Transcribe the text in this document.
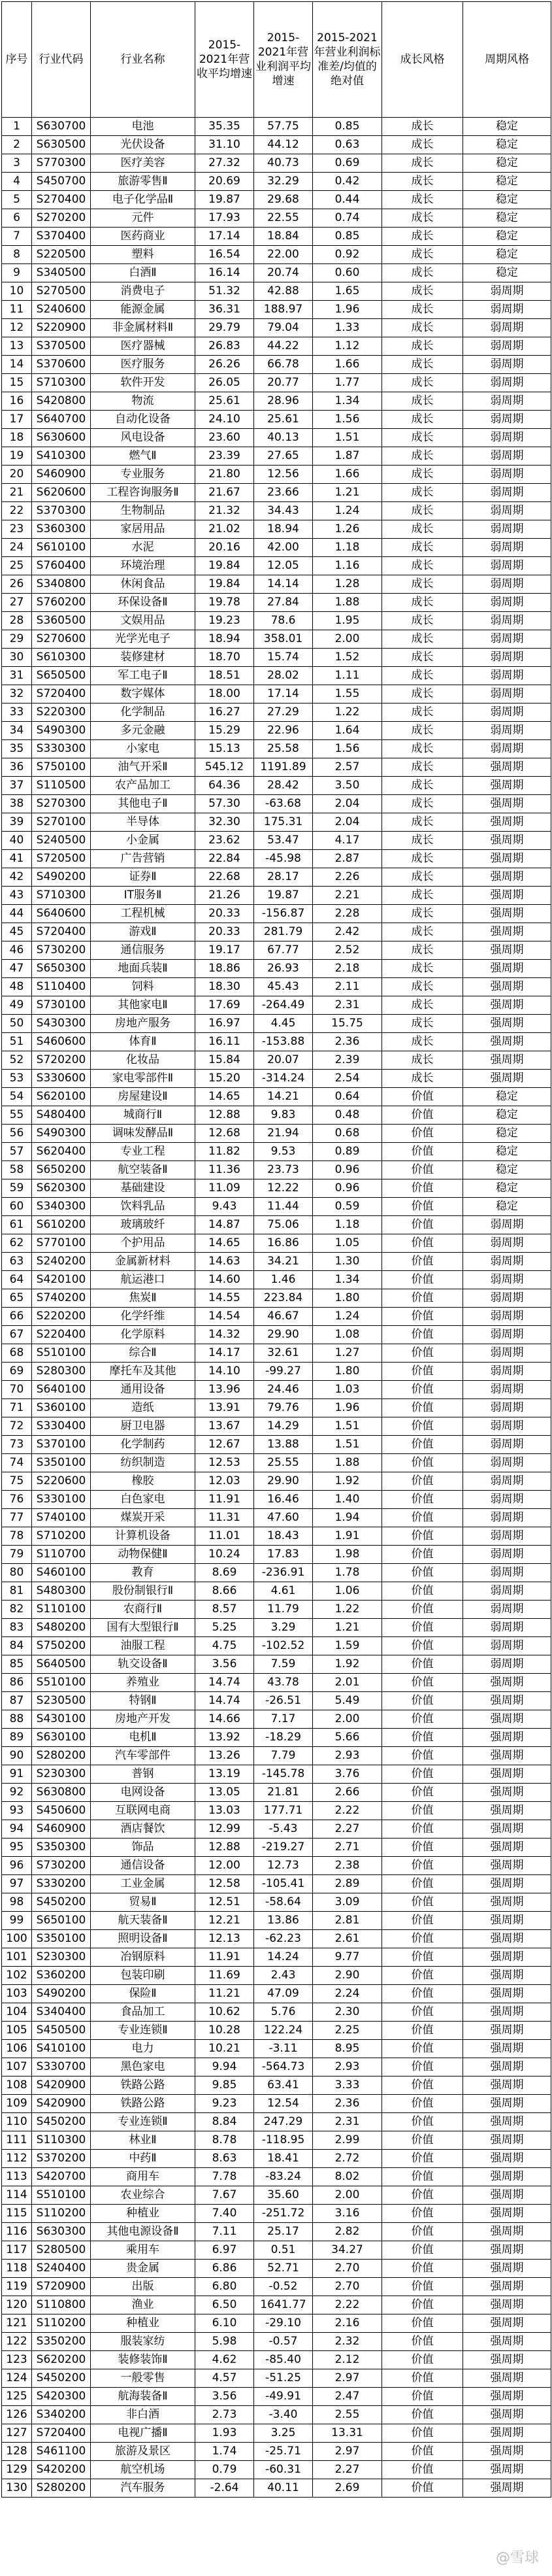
序号	行业代码	行业名称	2015-2021年营收平均增速	2015-2021年营业利润平均增速	2015-2021年营业利润标准差/均值的绝对值	成长风格	周期风格
1	S630700	电池	35.35	57.75	0.85	成长	稳定
2	S630500	光伏设备	31.10	44.12	0.63	成长	稳定
3	S770300	医疗美容	27.32	40.73	0.69	成长	稳定
4	S450700	旅游零售Ⅱ	20.69	32.29	0.42	成长	稳定
5	S270400	电子化学品Ⅱ	19.87	29.68	0.44	成长	稳定
6	S270200	元件	17.93	22.55	0.74	成长	稳定
7	S370400	医药商业	17.14	18.84	0.85	成长	稳定
8	S220500	塑料	16.54	22.00	0.92	成长	稳定
9	S340500	白酒Ⅱ	16.14	20.74	0.60	成长	稳定
10	S270500	消费电子	51.32	42.88	1.65	成长	弱周期
11	S240600	能源金属	36.31	188.97	1.96	成长	弱周期
12	S220900	非金属材料Ⅱ	29.79	79.04	1.33	成长	弱周期
13	S370500	医疗器械	26.83	44.22	1.12	成长	弱周期
14	S370600	医疗服务	26.26	66.78	1.66	成长	弱周期
15	S710300	软件开发	26.05	20.77	1.77	成长	弱周期
16	S420800	物流	25.61	28.96	1.34	成长	弱周期
17	S640700	自动化设备	24.10	25.61	1.56	成长	弱周期
18	S630600	风电设备	23.60	40.13	1.51	成长	弱周期
19	S410300	燃气Ⅱ	23.39	27.65	1.87	成长	弱周期
20	S460900	专业服务	21.80	12.56	1.66	成长	弱周期
21	S620600	工程咨询服务Ⅱ	21.67	23.66	1.21	成长	弱周期
22	S370300	生物制品	21.32	34.43	1.24	成长	弱周期
23	S360300	家居用品	21.02	18.94	1.26	成长	弱周期
24	S610100	水泥	20.16	42.00	1.18	成长	弱周期
25	S760400	环境治理	19.84	12.05	1.16	成长	弱周期
26	S340800	休闲食品	19.84	14.14	1.28	成长	弱周期
27	S760200	环保设备Ⅱ	19.78	27.84	1.88	成长	弱周期
28	S360500	文娱用品	19.23	78.6	1.95	成长	弱周期
29	S270600	光学光电子	18.94	358.01	2.00	成长	弱周期
30	S610300	装修建材	18.70	15.74	1.52	成长	弱周期
31	S650500	军工电子Ⅱ	18.51	28.02	1.11	成长	弱周期
32	S720400	数字媒体	18.00	17.14	1.55	成长	弱周期
33	S220300	化学制品	16.27	27.29	1.22	成长	弱周期
34	S490300	多元金融	15.29	22.96	1.64	成长	弱周期
35	S330300	小家电	15.13	25.58	1.56	成长	弱周期
36	S750100	油气开采Ⅱ	545.12	1191.89	2.57	成长	强周期
37	S110500	农产品加工	64.36	28.42	3.50	成长	强周期
38	S270300	其他电子Ⅱ	57.30	-63.68	2.04	成长	强周期
39	S270100	半导体	32.30	175.31	2.04	成长	强周期
40	S240500	小金属	23.62	53.47	4.17	成长	强周期
41	S720500	广告营销	22.84	-45.98	2.87	成长	强周期
42	S490200	证券Ⅱ	22.68	28.17	2.26	成长	强周期
43	S710300	IT服务Ⅱ	21.26	19.87	2.21	成长	强周期
44	S640600	工程机械	20.33	-156.87	2.28	成长	强周期
45	S720400	游戏Ⅱ	20.33	281.79	2.42	成长	强周期
46	S730200	通信服务	19.17	67.77	2.52	成长	强周期
47	S650300	地面兵装Ⅱ	18.86	26.93	2.18	成长	强周期
48	S110400	饲料	18.30	45.43	2.11	成长	强周期
49	S730100	其他家电Ⅱ	17.69	-264.49	2.31	成长	强周期
50	S430300	房地产服务	16.97	4.45	15.75	成长	强周期
51	S460600	体育Ⅱ	16.11	-153.88	2.36	成长	强周期
52	S720200	化妆品	15.84	20.07	2.39	成长	强周期
53	S330600	家电零部件Ⅱ	15.20	-314.24	2.54	成长	强周期
54	S620100	房屋建设Ⅱ	14.65	14.21	0.64	价值	稳定
55	S480400	城商行Ⅱ	12.88	9.83	0.48	价值	稳定
56	S490300	调味发酵品Ⅱ	12.68	21.94	0.68	价值	稳定
57	S620400	专业工程	11.82	9.53	0.89	价值	稳定
58	S650200	航空装备Ⅱ	11.36	23.73	0.96	价值	稳定
59	S620300	基础建设	11.09	12.22	0.96	价值	稳定
60	S340300	饮料乳品	9.43	11.44	0.59	价值	稳定
61	S610200	玻璃玻纤	14.87	75.06	1.18	价值	弱周期
62	S770100	个护用品	14.65	16.86	1.05	价值	弱周期
63	S240200	金属新材料	14.63	34.21	1.30	价值	弱周期
64	S420100	航运港口	14.60	1.46	1.34	价值	弱周期
65	S740200	焦炭Ⅱ	14.55	223.84	1.80	价值	弱周期
66	S220200	化学纤维	14.54	46.67	1.24	价值	弱周期
67	S220400	化学原料	14.32	29.90	1.08	价值	弱周期
68	S510100	综合Ⅱ	14.17	32.61	1.27	价值	弱周期
69	S280300	摩托车及其他	14.10	-99.27	1.80	价值	弱周期
70	S640100	通用设备	13.96	24.46	1.03	价值	弱周期
71	S360100	造纸	13.91	79.76	1.96	价值	弱周期
72	S330400	厨卫电器	13.67	14.29	1.51	价值	弱周期
73	S370100	化学制药	12.67	13.88	1.51	价值	弱周期
74	S350100	纺织制造	12.53	25.55	1.88	价值	弱周期
75	S220600	橡胶	12.03	29.90	1.92	价值	弱周期
76	S330100	白色家电	11.91	16.46	1.40	价值	弱周期
77	S740100	煤炭开采	11.31	47.60	1.94	价值	弱周期
78	S710200	计算机设备	11.01	18.43	1.91	价值	弱周期
79	S110700	动物保健Ⅱ	10.24	17.83	1.98	价值	弱周期
80	S460100	教育	8.69	-236.91	1.78	价值	弱周期
81	S480300	股份制银行Ⅱ	8.66	4.61	1.06	价值	弱周期
82	S110100	农商行Ⅱ	8.57	11.79	1.22	价值	弱周期
83	S480200	国有大型银行Ⅱ	5.25	3.29	1.21	价值	弱周期
84	S750200	油服工程	4.75	-102.52	1.59	价值	弱周期
85	S640500	轨交设备Ⅱ	3.56	7.59	1.92	价值	弱周期
86	S510100	养殖业	14.74	43.78	2.01	价值	强周期
87	S230500	特钢Ⅱ	14.74	-26.51	5.49	价值	强周期
88	S430100	房地产开发	14.66	7.17	2.00	价值	强周期
89	S630100	电机Ⅱ	13.92	-18.29	5.66	价值	强周期
90	S280200	汽车零部件	13.26	7.79	2.93	价值	强周期
91	S230300	普钢	13.19	-145.78	3.76	价值	强周期
92	S630800	电网设备	13.05	21.81	2.66	价值	强周期
93	S450600	互联网电商	13.03	177.71	2.22	价值	强周期
94	S460900	酒店餐饮	12.99	-5.43	2.27	价值	强周期
95	S350300	饰品	12.88	-219.27	2.71	价值	强周期
96	S730200	通信设备	12.00	12.73	2.38	价值	强周期
97	S330200	工业金属	12.58	-105.41	2.89	价值	强周期
98	S450200	贸易Ⅱ	12.51	-58.64	3.09	价值	强周期
99	S650100	航天装备Ⅱ	12.21	13.86	2.81	价值	强周期
100	S350100	照明设备Ⅱ	12.13	-62.23	2.61	价值	强周期
101	S230300	冶钢原料	11.91	14.24	9.77	价值	强周期
102	S360200	包装印刷	11.69	2.43	2.90	价值	强周期
103	S490200	保险Ⅱ	11.21	47.09	2.24	价值	强周期
104	S340400	食品加工	10.62	5.76	2.30	价值	强周期
105	S450500	专业连锁Ⅱ	10.28	122.24	2.25	价值	强周期
106	S410100	电力	10.21	-3.11	8.95	价值	强周期
107	S330700	黑色家电	9.94	-564.73	2.93	价值	强周期
108	S420900	铁路公路	9.85	63.41	3.33	价值	强周期
109	S420900	铁路公路	9.23	12.54	2.36	价值	强周期
110	S450200	专业连锁Ⅱ	8.84	247.29	2.31	价值	强周期
111	S110300	林业Ⅱ	8.78	-118.95	2.99	价值	强周期
112	S370200	中药Ⅱ	8.63	18.41	2.72	价值	强周期
113	S420700	商用车	7.78	-83.24	8.02	价值	强周期
114	S510100	农业综合	7.67	35.60	2.00	价值	强周期
115	S110200	种植业	7.40	-251.72	3.16	价值	强周期
116	S630300	其他电源设备Ⅱ	7.11	25.17	2.82	价值	强周期
117	S280500	乘用车	6.97	0.51	34.27	价值	强周期
118	S240400	贵金属	6.86	52.71	2.70	价值	强周期
119	S720900	出版	6.80	-0.52	2.70	价值	强周期
120	S110800	渔业	6.50	1641.77	2.22	价值	强周期
121	S110200	种植业	6.10	-29.10	2.16	价值	强周期
122	S350200	服装家纺	5.98	-0.57	2.32	价值	强周期
123	S620200	装修装饰Ⅱ	4.62	-85.40	2.12	价值	强周期
124	S450200	一般零售	4.57	-51.25	2.97	价值	强周期
125	S420300	航海装备Ⅱ	3.56	-49.91	2.47	价值	强周期
126	S340200	非白酒	2.73	-3.40	2.55	价值	强周期
127	S720400	电视广播Ⅱ	1.93	3.25	13.31	价值	强周期
128	S461100	旅游及景区	1.74	-25.71	2.97	价值	强周期
129	S420200	航空机场	0.79	-60.31	2.27	价值	强周期
130	S280200	汽车服务	-2.64	40.11	2.69	价值	强周期
@雪球
